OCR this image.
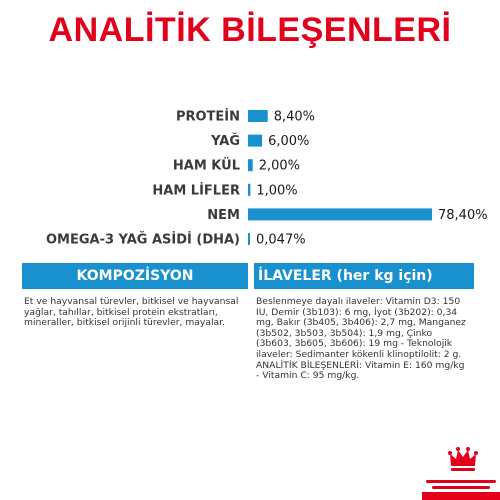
ANALİTİK BİLEŞENLERİ
PROTEİN	8,40%
YAĞ 6,00%
HAM KÜL 2,00%
HAM LİFLER 1,00%
NEM	78,40%
OMEGA-3 YAĞ ASİDİ (DHA) 0,047%
KOMPOZİSYON	İLAVELER (her kg için)
Et ve hayvansal türevler, bitkisel ve hayvansal yağlar, tahıllar, bitkisel protein ekstratları, mineraller, bitkisel orijinli türevler, mayalar.
Beslenmeye dayalı ilaveler: Vitamin D3: 150 IU, Demir (3b103): 6 mg, İyot (3b202): 0,34 mg, Bakır (3b405, 3b406): 2,7 mg, Manganez (3b502, 3b503, 3b504): 1,9 mg, Çinko (3b603, 3b605, 3b606): 19 mg - Teknolojik ilaveler: Sedimanter kökenli klinoptilolit: 2 g. ANALİTİK BİLEŞENLERİ: Vitamin E: 160 mg/kg - Vitamin C: 95 mg/kg.
